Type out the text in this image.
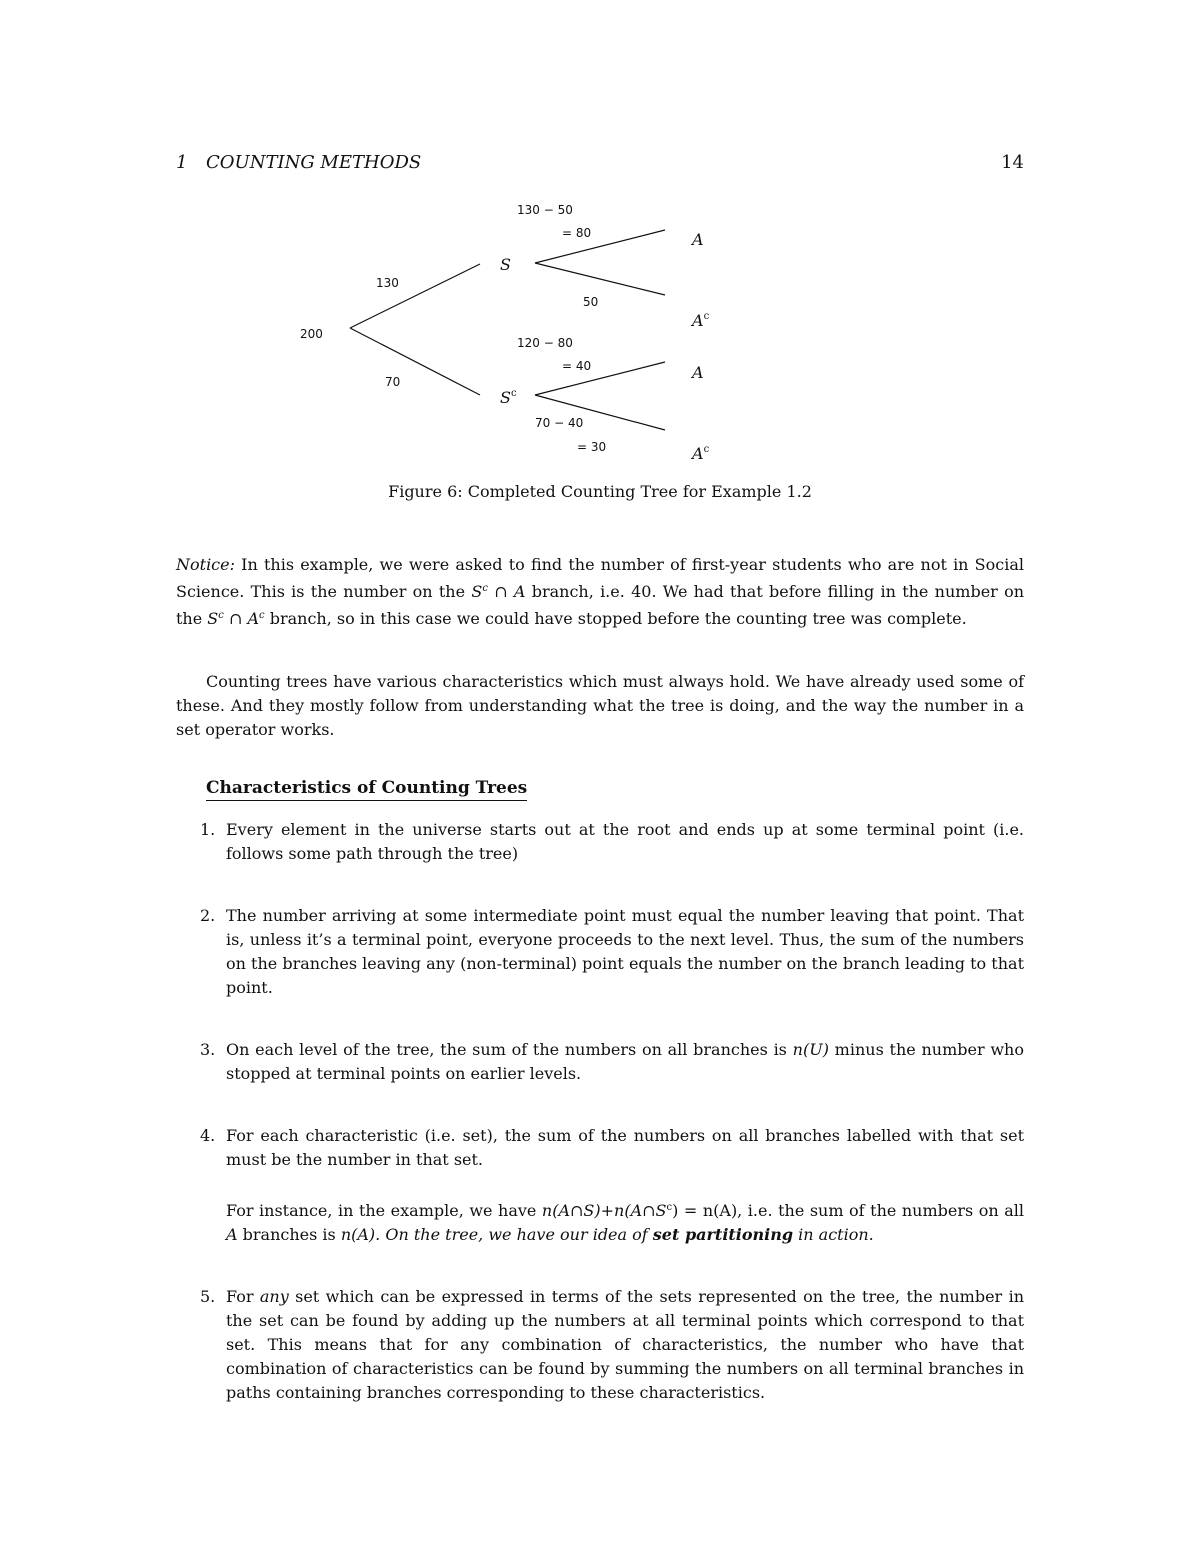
1 COUNTING METHODS	14
200
130
70
S
$S^c$
130 − 50
= 80
50
120 − 80
= 40
70 − 40
= 30
A
$A^c$
A
$A^c$
Figure 6: Completed Counting Tree for Example 1.2
Notice: In this example, we were asked to find the number of first-year students who are not in Social Science. This is the number on the $S^c$ ∩ A branch, i.e. 40. We had that before filling in the number on the $S^c$ ∩ $A^c$ branch, so in this case we could have stopped before the counting tree was complete.
Counting trees have various characteristics which must always hold. We have already used some of these. And they mostly follow from understanding what the tree is doing, and the way the number in a set operator works.
Characteristics of Counting Trees
1. Every element in the universe starts out at the root and ends up at some terminal point (i.e. follows some path through the tree)

2. The number arriving at some intermediate point must equal the number leaving that point. That is, unless it’s a terminal point, everyone proceeds to the next level. Thus, the sum of the numbers on the branches leaving any (non-terminal) point equals the number on the branch leading to that point.

3. On each level of the tree, the sum of the numbers on all branches is n(U) minus the number who stopped at terminal points on earlier levels.

4. For each characteristic (i.e. set), the sum of the numbers on all branches labelled with that set must be the number in that set.

For instance, in the example, we have $n(A\cap S)+n(A\cap S^c) = n(A)$, i.e. the sum of the numbers on all A branches is n(A). On the tree, we have our idea of set partitioning in action.

5. For any set which can be expressed in terms of the sets represented on the tree, the number in the set can be found by adding up the numbers at all terminal points which correspond to that set. This means that for any combination of characteristics, the number who have that combination of characteristics can be found by summing the numbers on all terminal branches in paths containing branches corresponding to these characteristics.
